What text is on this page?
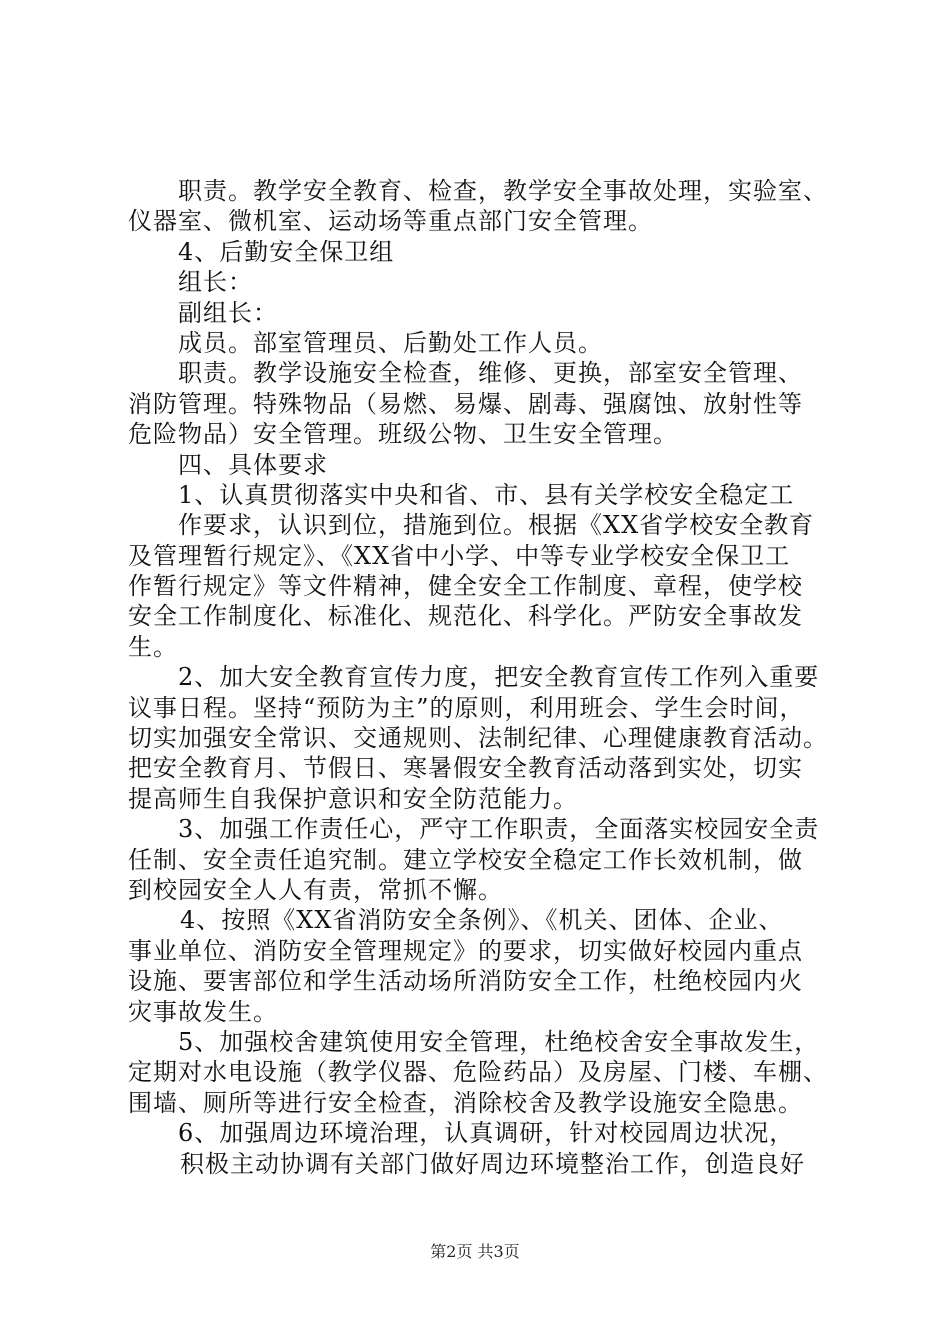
职责。教学安全教育、检查，教学安全事故处理，实验室、
仪器室、微机室、运动场等重点部门安全管理。
4、后勤安全保卫组
组长：
副组长：
成员。部室管理员、后勤处工作人员。
职责。教学设施安全检查，维修、更换，部室安全管理、
消防管理。特殊物品（易燃、易爆、剧毒、强腐蚀、放射性等
危险物品）安全管理。班级公物、卫生安全管理。
四、具体要求
1、认真贯彻落实中央和省、市、县有关学校安全稳定工
作要求，认识到位，措施到位。根据《XX省学校安全教育
及管理暂行规定》、《XX省中小学、中等专业学校安全保卫工
作暂行规定》等文件精神，健全安全工作制度、章程，使学校
安全工作制度化、标准化、规范化、科学化。严防安全事故发
生。
2、加大安全教育宣传力度，把安全教育宣传工作列入重要
议事日程。坚持“预防为主”的原则，利用班会、学生会时间，
切实加强安全常识、交通规则、法制纪律、心理健康教育活动。
把安全教育月、节假日、寒暑假安全教育活动落到实处，切实
提高师生自我保护意识和安全防范能力。
3、加强工作责任心，严守工作职责，全面落实校园安全责
任制、安全责任追究制。建立学校安全稳定工作长效机制，做
到校园安全人人有责，常抓不懈。
4、按照《XX省消防安全条例》、《机关、团体、企业、
事业单位、消防安全管理规定》的要求，切实做好校园内重点
设施、要害部位和学生活动场所消防安全工作，杜绝校园内火
灾事故发生。
5、加强校舍建筑使用安全管理，杜绝校舍安全事故发生，
定期对水电设施（教学仪器、危险药品）及房屋、门楼、车棚、
围墙、厕所等进行安全检查，消除校舍及教学设施安全隐患。
6、加强周边环境治理，认真调研，针对校园周边状况，
积极主动协调有关部门做好周边环境整治工作，创造良好
第2页 共3页
